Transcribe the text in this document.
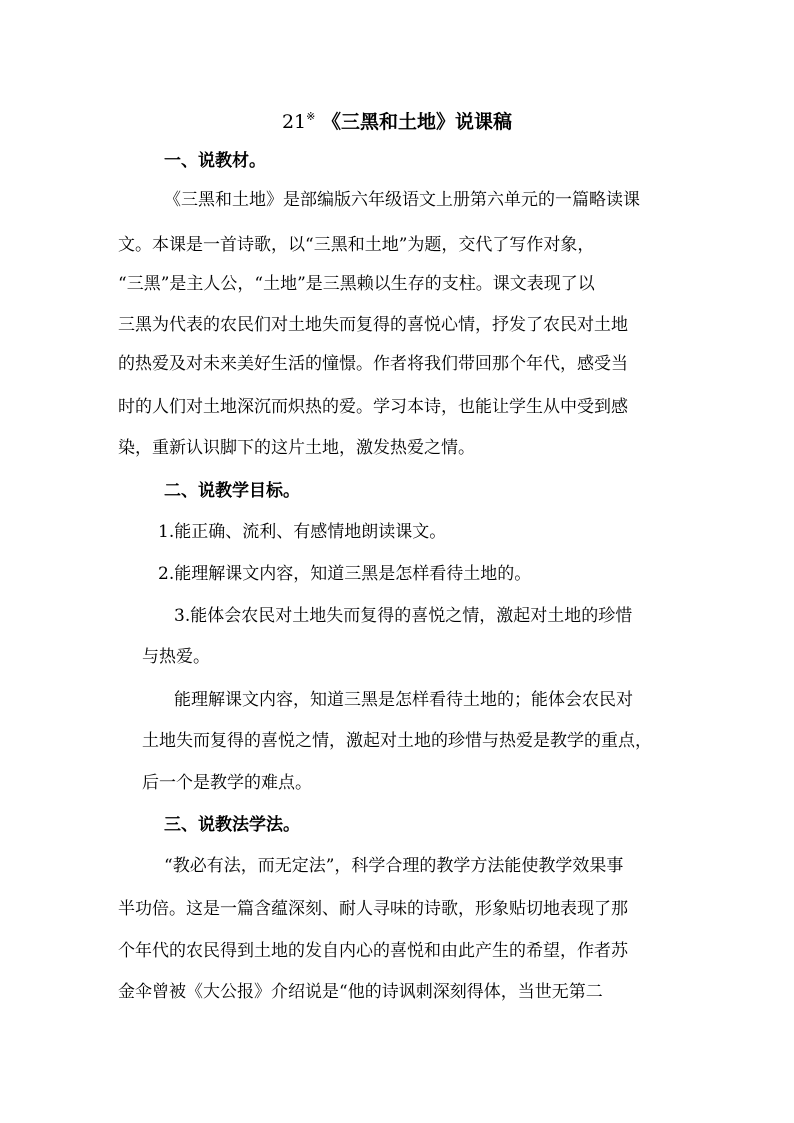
21※ 《三黑和土地》说课稿
一、说教材。
《三黑和土地》是部编版六年级语文上册第六单元的一篇略读课
文。本课是一首诗歌，以“三黑和土地”为题，交代了写作对象，
“三黑”是主人公，“土地”是三黑赖以生存的支柱。课文表现了以
三黑为代表的农民们对土地失而复得的喜悦心情，抒发了农民对土地
的热爱及对未来美好生活的憧憬。作者将我们带回那个年代，感受当
时的人们对土地深沉而炽热的爱。学习本诗，也能让学生从中受到感
染，重新认识脚下的这片土地，激发热爱之情。
二、说教学目标。
1.能正确、流利、有感情地朗读课文。
2.能理解课文内容，知道三黑是怎样看待土地的。
3.能体会农民对土地失而复得的喜悦之情，激起对土地的珍惜
与热爱。
能理解课文内容，知道三黑是怎样看待土地的；能体会农民对
土地失而复得的喜悦之情，激起对土地的珍惜与热爱是教学的重点，
后一个是教学的难点。
三、说教法学法。
“教必有法，而无定法”，科学合理的教学方法能使教学效果事
半功倍。这是一篇含蕴深刻、耐人寻味的诗歌，形象贴切地表现了那
个年代的农民得到土地的发自内心的喜悦和由此产生的希望，作者苏
金伞曾被《大公报》介绍说是“他的诗讽刺深刻得体，当世无第二
